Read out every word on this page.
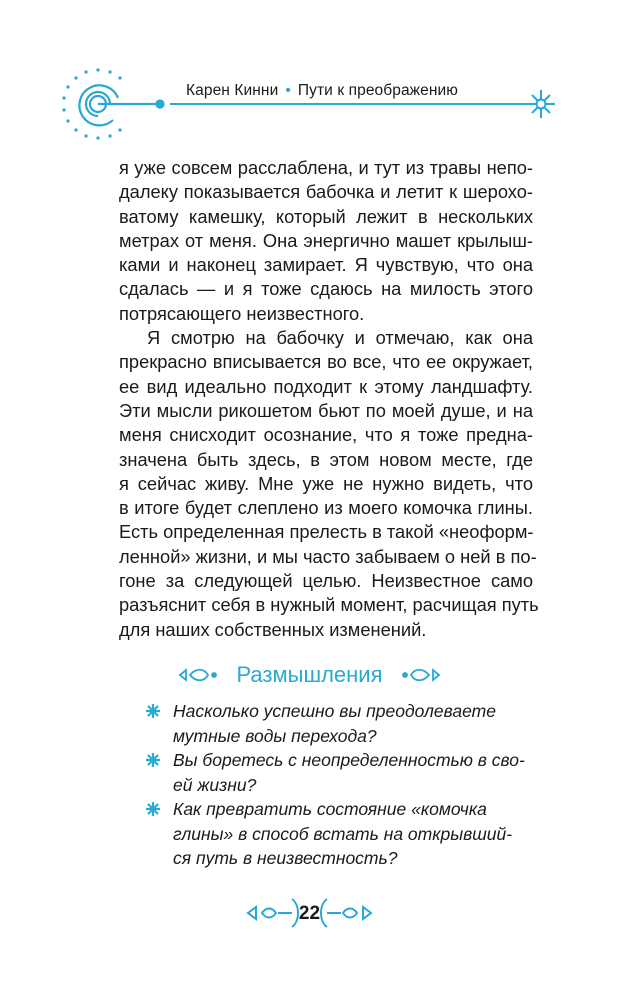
Карен Кинни • Пути к преображению
я уже совсем расслаблена, и тут из травы непо-
далеку показывается бабочка и летит к шерохо-
ватому камешку, который лежит в нескольких
метрах от меня. Она энергично машет крылыш-
ками и наконец замирает. Я чувствую, что она
сдалась — и я тоже сдаюсь на милость этого
потрясающего неизвестного.
Я смотрю на бабочку и отмечаю, как она
прекрасно вписывается во все, что ее окружает,
ее вид идеально подходит к этому ландшафту.
Эти мысли рикошетом бьют по моей душе, и на
меня снисходит осознание, что я тоже предна-
значена быть здесь, в этом новом месте, где
я сейчас живу. Мне уже не нужно видеть, что
в итоге будет слеплено из моего комочка глины.
Есть определенная прелесть в такой «неоформ-
ленной» жизни, и мы часто забываем о ней в по-
гоне за следующей целью. Неизвестное само
разъяснит себя в нужный момент, расчищая путь
для наших собственных изменений.
Размышления
Насколько успешно вы преодолеваете
мутные воды перехода?
Вы боретесь с неопределенностью в сво-
ей жизни?
Как превратить состояние «комочка
глины» в способ встать на открывший-
ся путь в неизвестность?
22
